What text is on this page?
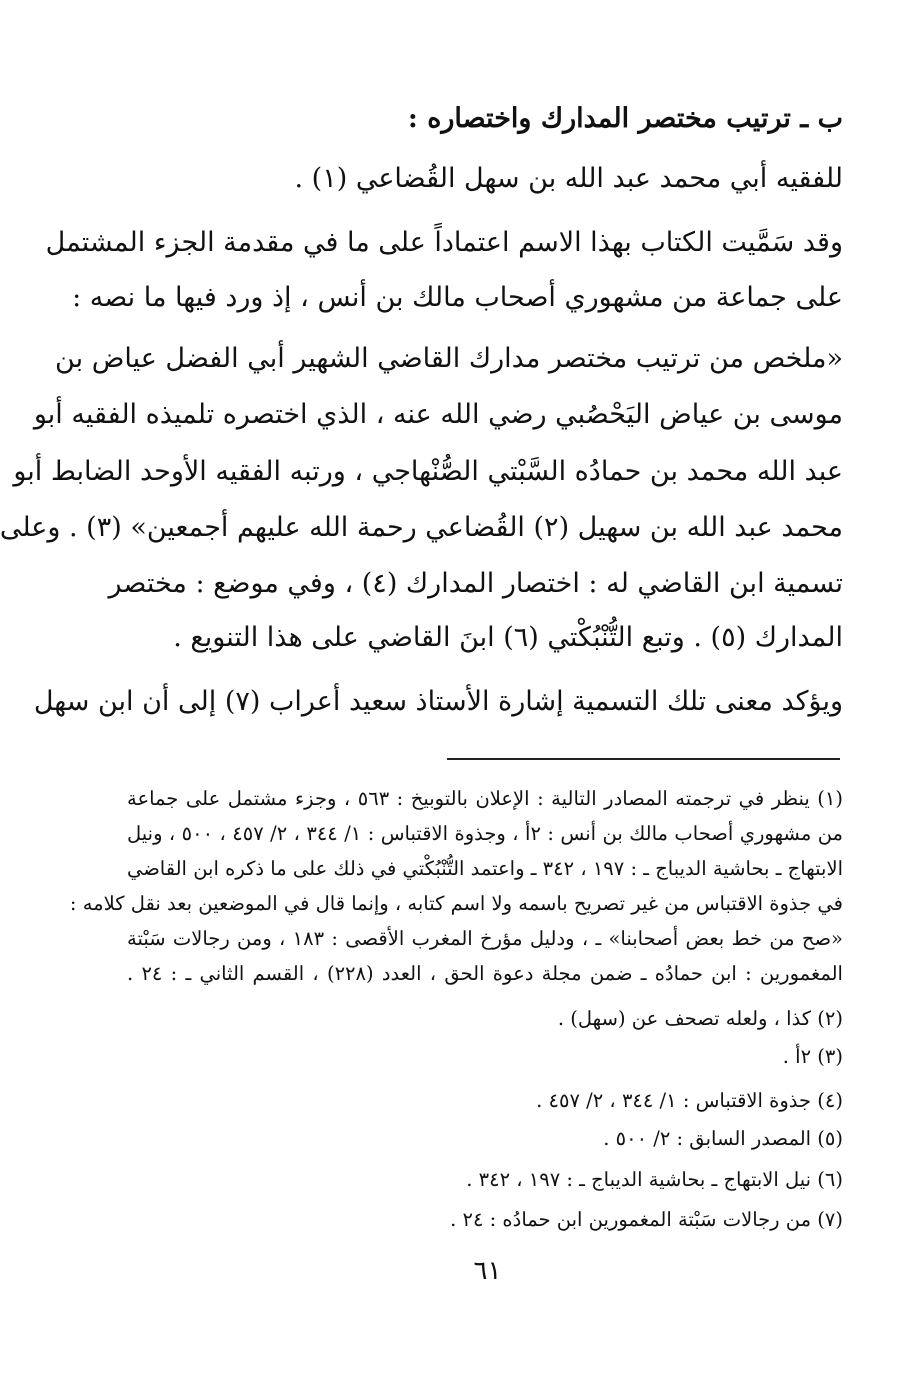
ب ـ ترتيب مختصر المدارك واختصاره :
للفقيه أبي محمد عبد الله بن سهل القُضاعي (١) .
وقد سَمَّيت الكتاب بهذا الاسم اعتماداً على ما في مقدمة الجزء المشتمل
على جماعة من مشهوري أصحاب مالك بن أنس ، إذ ورد فيها ما نصه :
«ملخص من ترتيب مختصر مدارك القاضي الشهير أبي الفضل عياض بن
موسى بن عياض اليَحْصُبي رضي الله عنه ، الذي اختصره تلميذه الفقيه أبو
عبد الله محمد بن حمادُه السَّبْتي الصُّنْهاجي ، ورتبه الفقيه الأوحد الضابط أبو
محمد عبد الله بن سهيل (٢) القُضاعي رحمة الله عليهم أجمعين» (٣) . وعلى
تسمية ابن القاضي له : اختصار المدارك (٤) ، وفي موضع : مختصر
المدارك (٥) . وتبع التُّنْبُكْتي (٦) ابنَ القاضي على هذا التنويع .
ويؤكد معنى تلك التسمية إشارة الأستاذ سعيد أعراب (٧) إلى أن ابن سهل
(١) ينظر في ترجمته المصادر التالية : الإعلان بالتوبيخ : ٥٦٣ ، وجزء مشتمل على جماعة
من مشهوري أصحاب مالك بن أنس : ٢أ ، وجذوة الاقتباس : ١/ ٣٤٤ ، ٢/ ٤٥٧ ، ٥٠٠ ، ونيل
الابتهاج ـ بحاشية الديباج ـ : ١٩٧ ، ٣٤٢ ـ واعتمد التُّنْبُكْتي في ذلك على ما ذكره ابن القاضي
في جذوة الاقتباس من غير تصريح باسمه ولا اسم كتابه ، وإنما قال في الموضعين بعد نقل كلامه :
«صح من خط بعض أصحابنا» ـ ، ودليل مؤرخ المغرب الأقصى : ١٨٣ ، ومن رجالات سَبْتة
المغمورين : ابن حمادُه ـ ضمن مجلة دعوة الحق ، العدد (٢٢٨) ، القسم الثاني ـ : ٢٤ .
(٢) كذا ، ولعله تصحف عن (سهل) .
(٣) ٢أ .
(٤) جذوة الاقتباس : ١/ ٣٤٤ ، ٢/ ٤٥٧ .
(٥) المصدر السابق : ٢/ ٥٠٠ .
(٦) نيل الابتهاج ـ بحاشية الديباج ـ : ١٩٧ ، ٣٤٢ .
(٧) من رجالات سَبْتة المغمورين ابن حمادُه : ٢٤ .
٦١
